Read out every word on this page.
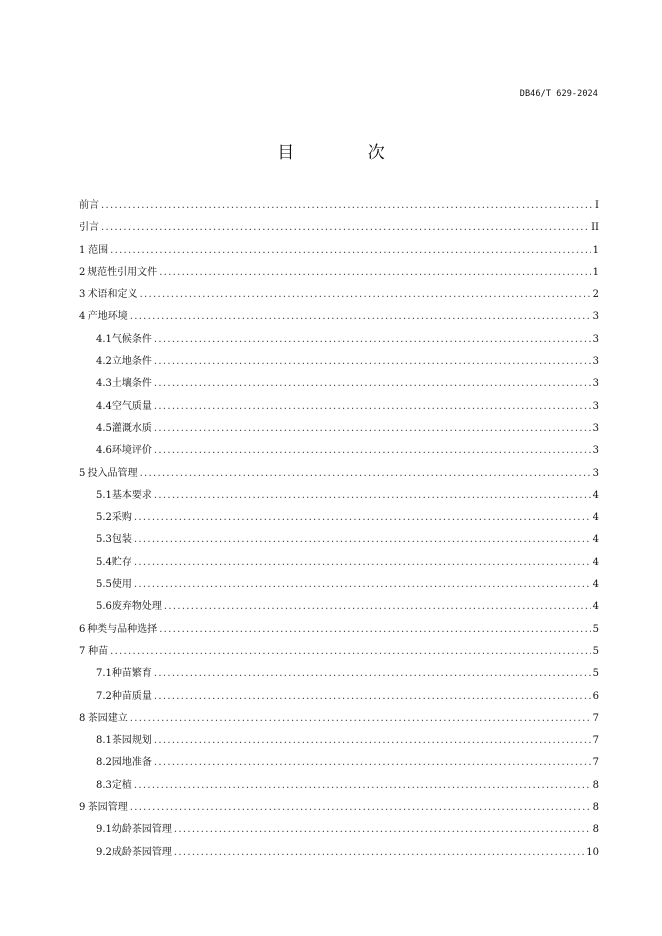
DB46/T 629-2024
目 次
前言 .....	I
引言 .....	II
1 范围 .....	1
2 规范性引用文件 .....	1
3 术语和定义 .....	2
4 产地环境 .....	3
4.1 气候条件 .....	3
4.2 立地条件 .....	3
4.3 土壤条件 .....	3
4.4 空气质量 .....	3
4.5 灌溉水质 .....	3
4.6 环境评价 .....	3
5 投入品管理 .....	3
5.1 基本要求 .....	4
5.2 采购 .....	4
5.3 包装 .....	4
5.4 贮存 .....	4
5.5 使用 .....	4
5.6 废弃物处理 .....	4
6 种类与品种选择 .....	5
7 种苗 .....	5
7.1 种苗繁育 .....	5
7.2 种苗质量 .....	6
8 茶园建立 .....	7
8.1 茶园规划 .....	7
8.2 园地准备 .....	7
8.3 定植 .....	8
9 茶园管理 .....	8
9.1 幼龄茶园管理 .....	8
9.2 成龄茶园管理 .....	10
